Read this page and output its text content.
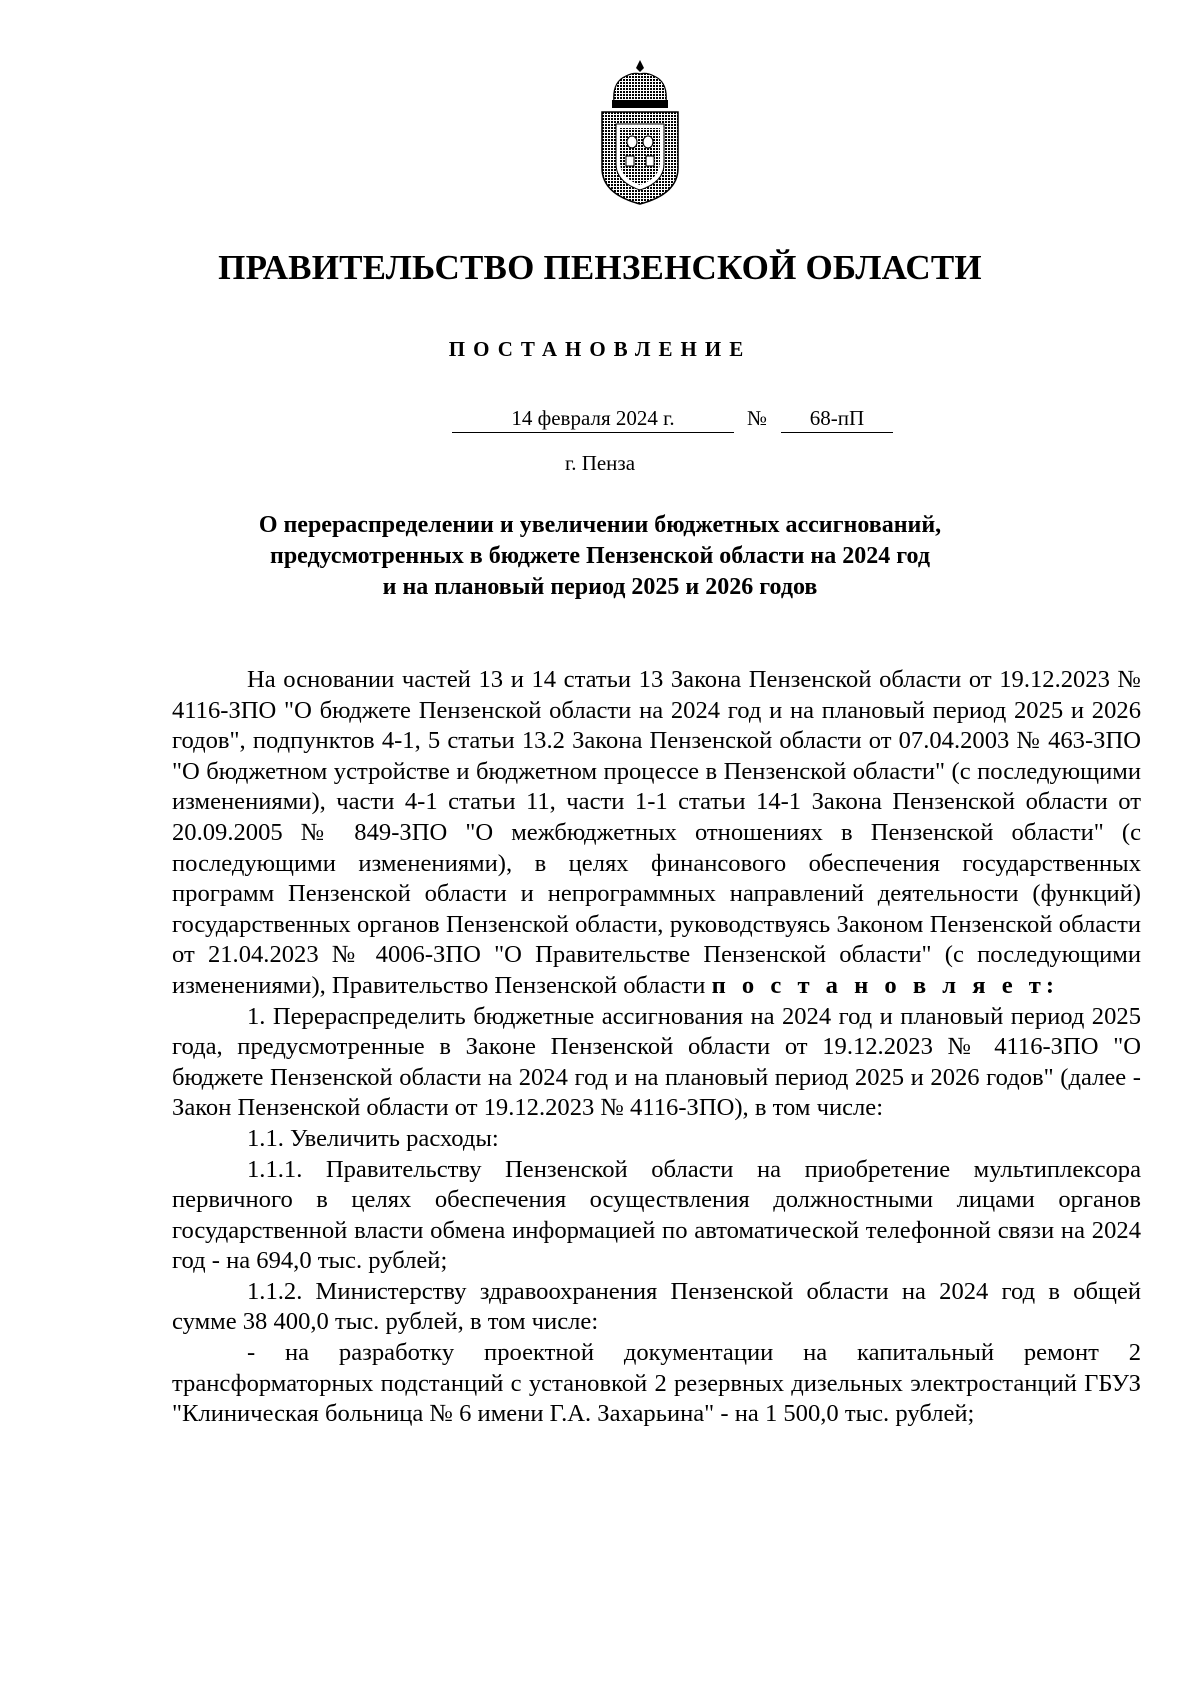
ПРАВИТЕЛЬСТВО ПЕНЗЕНСКОЙ ОБЛАСТИ
ПОСТАНОВЛЕНИЕ
14 февраля 2024 г.	№	68-пП

г. Пенза

О перераспределении и увеличении бюджетных ассигнований,
предусмотренных в бюджете Пензенской области на 2024 год
и на плановый период 2025 и 2026 годов

На основании частей 13 и 14 статьи 13 Закона Пензенской области от 19.12.2023 № 4116-ЗПО "О бюджете Пензенской области на 2024 год и на плановый период 2025 и 2026 годов", подпунктов 4-1, 5 статьи 13.2 Закона Пензенской области от 07.04.2003 № 463-ЗПО "О бюджетном устройстве и бюджетном процессе в Пензенской области" (с последующими изменениями), части 4-1 статьи 11, части 1-1 статьи 14-1 Закона Пензенской области от 20.09.2005 № 849-ЗПО "О межбюджетных отношениях в Пензенской области" (с последующими изменениями), в целях финансового обеспечения государственных программ Пензенской области и непрограммных направлений деятельности (функций) государственных органов Пензенской области, руководствуясь Законом Пензенской области от 21.04.2023 № 4006-ЗПО "О Правительстве Пензенской области" (с последующими изменениями), Правительство Пензенской области п о с т а н о в л я е т:

1. Перераспределить бюджетные ассигнования на 2024 год и плановый период 2025 года, предусмотренные в Законе Пензенской области от 19.12.2023 № 4116-ЗПО "О бюджете Пензенской области на 2024 год и на плановый период 2025 и 2026 годов" (далее - Закон Пензенской области от 19.12.2023 № 4116-ЗПО), в том числе:

1.1. Увеличить расходы:

1.1.1. Правительству Пензенской области на приобретение мультиплексора первичного в целях обеспечения осуществления должностными лицами органов государственной власти обмена информацией по автоматической телефонной связи на 2024 год - на 694,0 тыс. рублей;

1.1.2. Министерству здравоохранения Пензенской области на 2024 год в общей сумме 38 400,0 тыс. рублей, в том числе:

- на разработку проектной документации на капитальный ремонт 2 трансформаторных подстанций с установкой 2 резервных дизельных электростанций ГБУЗ "Клиническая больница № 6 имени Г.А. Захарьина" - на 1 500,0 тыс. рублей;
